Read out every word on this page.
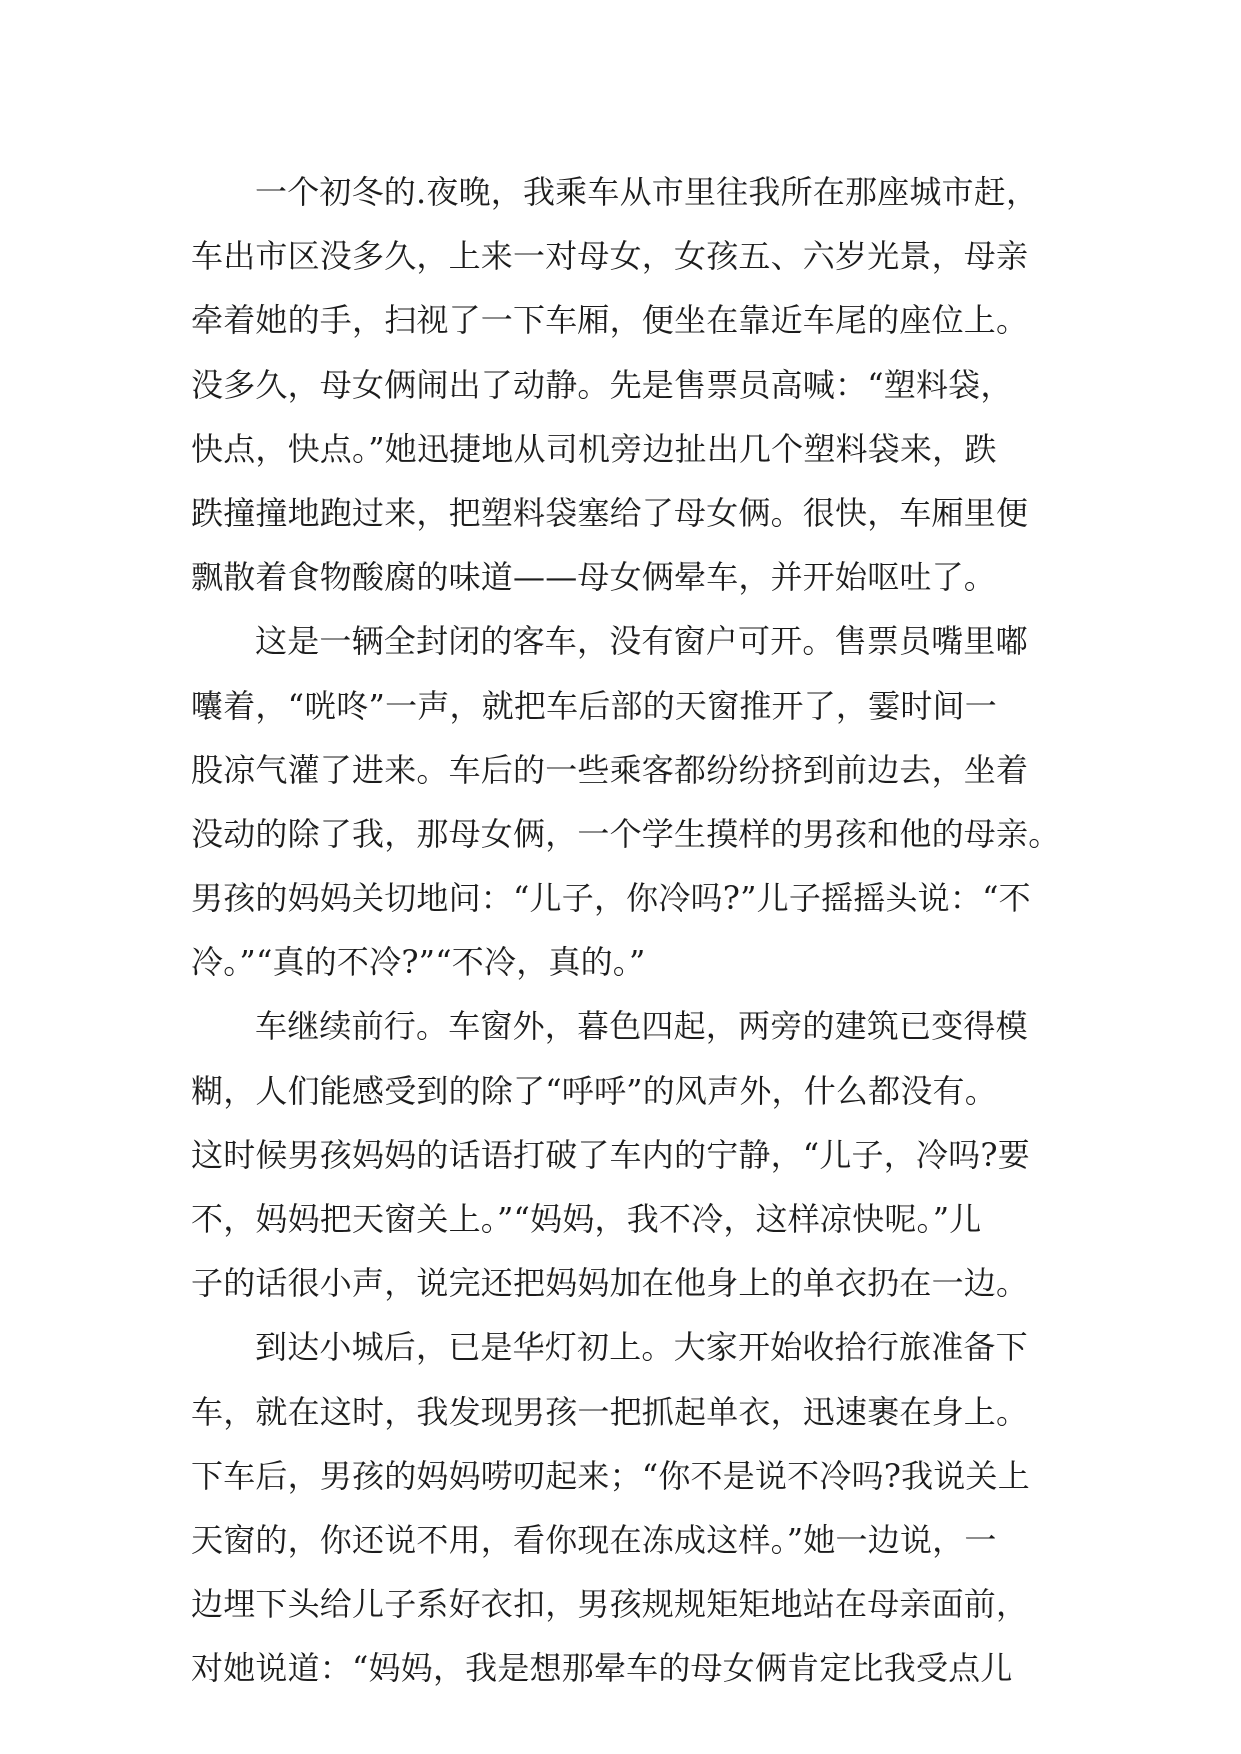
一个初冬的.夜晚，我乘车从市里往我所在那座城市赶，
车出市区没多久，上来一对母女，女孩五、六岁光景，母亲
牵着她的手，扫视了一下车厢，便坐在靠近车尾的座位上。
没多久，母女俩闹出了动静。先是售票员高喊：“塑料袋，
快点，快点。”她迅捷地从司机旁边扯出几个塑料袋来，跌
跌撞撞地跑过来，把塑料袋塞给了母女俩。很快，车厢里便
飘散着食物酸腐的味道——母女俩晕车，并开始呕吐了。
这是一辆全封闭的客车，没有窗户可开。售票员嘴里嘟
囔着，“咣咚”一声，就把车后部的天窗推开了，霎时间一
股凉气灌了进来。车后的一些乘客都纷纷挤到前边去，坐着
没动的除了我，那母女俩，一个学生摸样的男孩和他的母亲。
男孩的妈妈关切地问：“儿子，你冷吗?”儿子摇摇头说：“不
冷。”“真的不冷?”“不冷，真的。”
车继续前行。车窗外，暮色四起，两旁的建筑已变得模
糊，人们能感受到的除了“呼呼”的风声外，什么都没有。
这时候男孩妈妈的话语打破了车内的宁静，“儿子，冷吗?要
不，妈妈把天窗关上。”“妈妈，我不冷，这样凉快呢。”儿
子的话很小声，说完还把妈妈加在他身上的单衣扔在一边。
到达小城后，已是华灯初上。大家开始收拾行旅准备下
车，就在这时，我发现男孩一把抓起单衣，迅速裹在身上。
下车后，男孩的妈妈唠叨起来；“你不是说不冷吗?我说关上
天窗的，你还说不用，看你现在冻成这样。”她一边说，一
边埋下头给儿子系好衣扣，男孩规规矩矩地站在母亲面前，
对她说道：“妈妈，我是想那晕车的母女俩肯定比我受点儿
